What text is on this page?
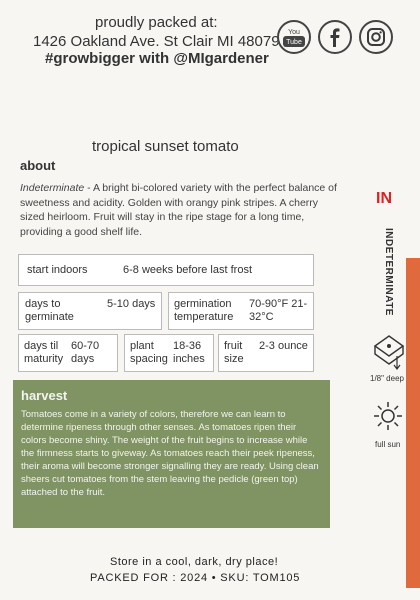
proudly packed at:
1426 Oakland Ave. St Clair MI 48079
#growbigger with @MIgardener
You
Tube
tropical sunset tomato
about
Indeterminate - A bright bi-colored variety with the perfect balance of sweetness and acidity. Golden with orangy pink stripes. A cherry sized heirloom. Fruit will stay in the ripe stage for a long time, providing a good shelf life.
start indoors	6-8 weeks before last frost
days to germinate
5-10 days germination temperature
70-90°F 21-32°C
days til maturity
60-70 days
plant spacing
18-36 inches
fruit size
2-3 ounce
harvest

Tomatoes come in a variety of colors, therefore we can learn to determine ripeness through other senses. As tomatoes ripen their colors become shiny. The weight of the fruit begins to increase while the firmness starts to giveway. As tomatoes reach their peek ripeness, their aroma will become stronger signalling they are ready. Using clean sheers cut tomatoes from the stem leaving the pedicle (green top) attached to the fruit.

IN
INDETERMINATE
1/8" deep
full sun
Store in a cool, dark, dry place!
PACKED FOR : 2024 • SKU: TOM105
